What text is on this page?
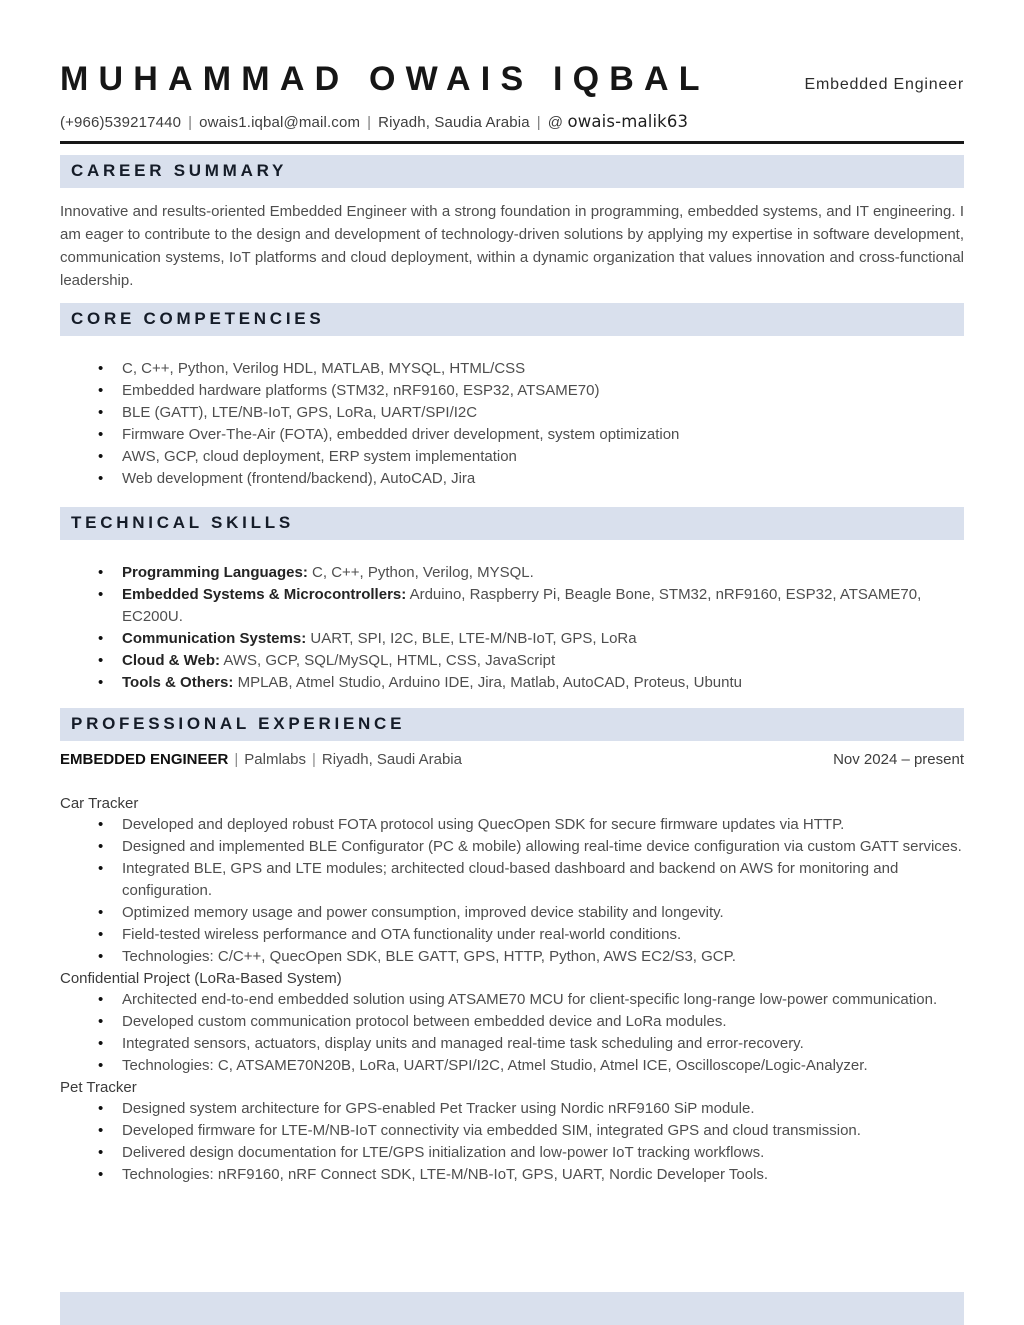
MUHAMMAD OWAIS IQBAL	Embedded Engineer
(+966)539217440 | owais1.iqbal@mail.com | Riyadh, Saudia Arabia | @ owais-malik63
CAREER SUMMARY

Innovative and results-oriented Embedded Engineer with a strong foundation in programming, embedded systems, and IT engineering. I am eager to contribute to the design and development of technology-driven solutions by applying my expertise in software development, communication systems, IoT platforms and cloud deployment, within a dynamic organization that values innovation and cross-functional leadership.

CORE COMPETENCIES
• C, C++, Python, Verilog HDL, MATLAB, MYSQL, HTML/CSS
• Embedded hardware platforms (STM32, nRF9160, ESP32, ATSAME70)
• BLE (GATT), LTE/NB-IoT, GPS, LoRa, UART/SPI/I2C
• Firmware Over-The-Air (FOTA), embedded driver development, system optimization
• AWS, GCP, cloud deployment, ERP system implementation
• Web development (frontend/backend), AutoCAD, Jira
TECHNICAL SKILLS
• Programming Languages: C, C++, Python, Verilog, MYSQL.
• Embedded Systems & Microcontrollers: Arduino, Raspberry Pi, Beagle Bone, STM32, nRF9160, ESP32, ATSAME70, EC200U.
• Communication Systems: UART, SPI, I2C, BLE, LTE-M/NB-IoT, GPS, LoRa
• Cloud & Web: AWS, GCP, SQL/MySQL, HTML, CSS, JavaScript
• Tools & Others: MPLAB, Atmel Studio, Arduino IDE, Jira, Matlab, AutoCAD, Proteus, Ubuntu
PROFESSIONAL EXPERIENCE
EMBEDDED ENGINEER | Palmlabs | Riyadh, Saudi Arabia	Nov 2024 – present
Car Tracker
• Developed and deployed robust FOTA protocol using QuecOpen SDK for secure firmware updates via HTTP.
• Designed and implemented BLE Configurator (PC & mobile) allowing real-time device configuration via custom GATT services.
• Integrated BLE, GPS and LTE modules; architected cloud-based dashboard and backend on AWS for monitoring and configuration.
• Optimized memory usage and power consumption, improved device stability and longevity.
• Field-tested wireless performance and OTA functionality under real-world conditions.
• Technologies: C/C++, QuecOpen SDK, BLE GATT, GPS, HTTP, Python, AWS EC2/S3, GCP.
Confidential Project (LoRa-Based System)
• Architected end-to-end embedded solution using ATSAME70 MCU for client-specific long-range low-power communication.
• Developed custom communication protocol between embedded device and LoRa modules.
• Integrated sensors, actuators, display units and managed real-time task scheduling and error-recovery.
• Technologies: C, ATSAME70N20B, LoRa, UART/SPI/I2C, Atmel Studio, Atmel ICE, Oscilloscope/Logic-Analyzer.
Pet Tracker
• Designed system architecture for GPS-enabled Pet Tracker using Nordic nRF9160 SiP module.
• Developed firmware for LTE-M/NB-IoT connectivity via embedded SIM, integrated GPS and cloud transmission.
• Delivered design documentation for LTE/GPS initialization and low-power IoT tracking workflows.
• Technologies: nRF9160, nRF Connect SDK, LTE-M/NB-IoT, GPS, UART, Nordic Developer Tools.
